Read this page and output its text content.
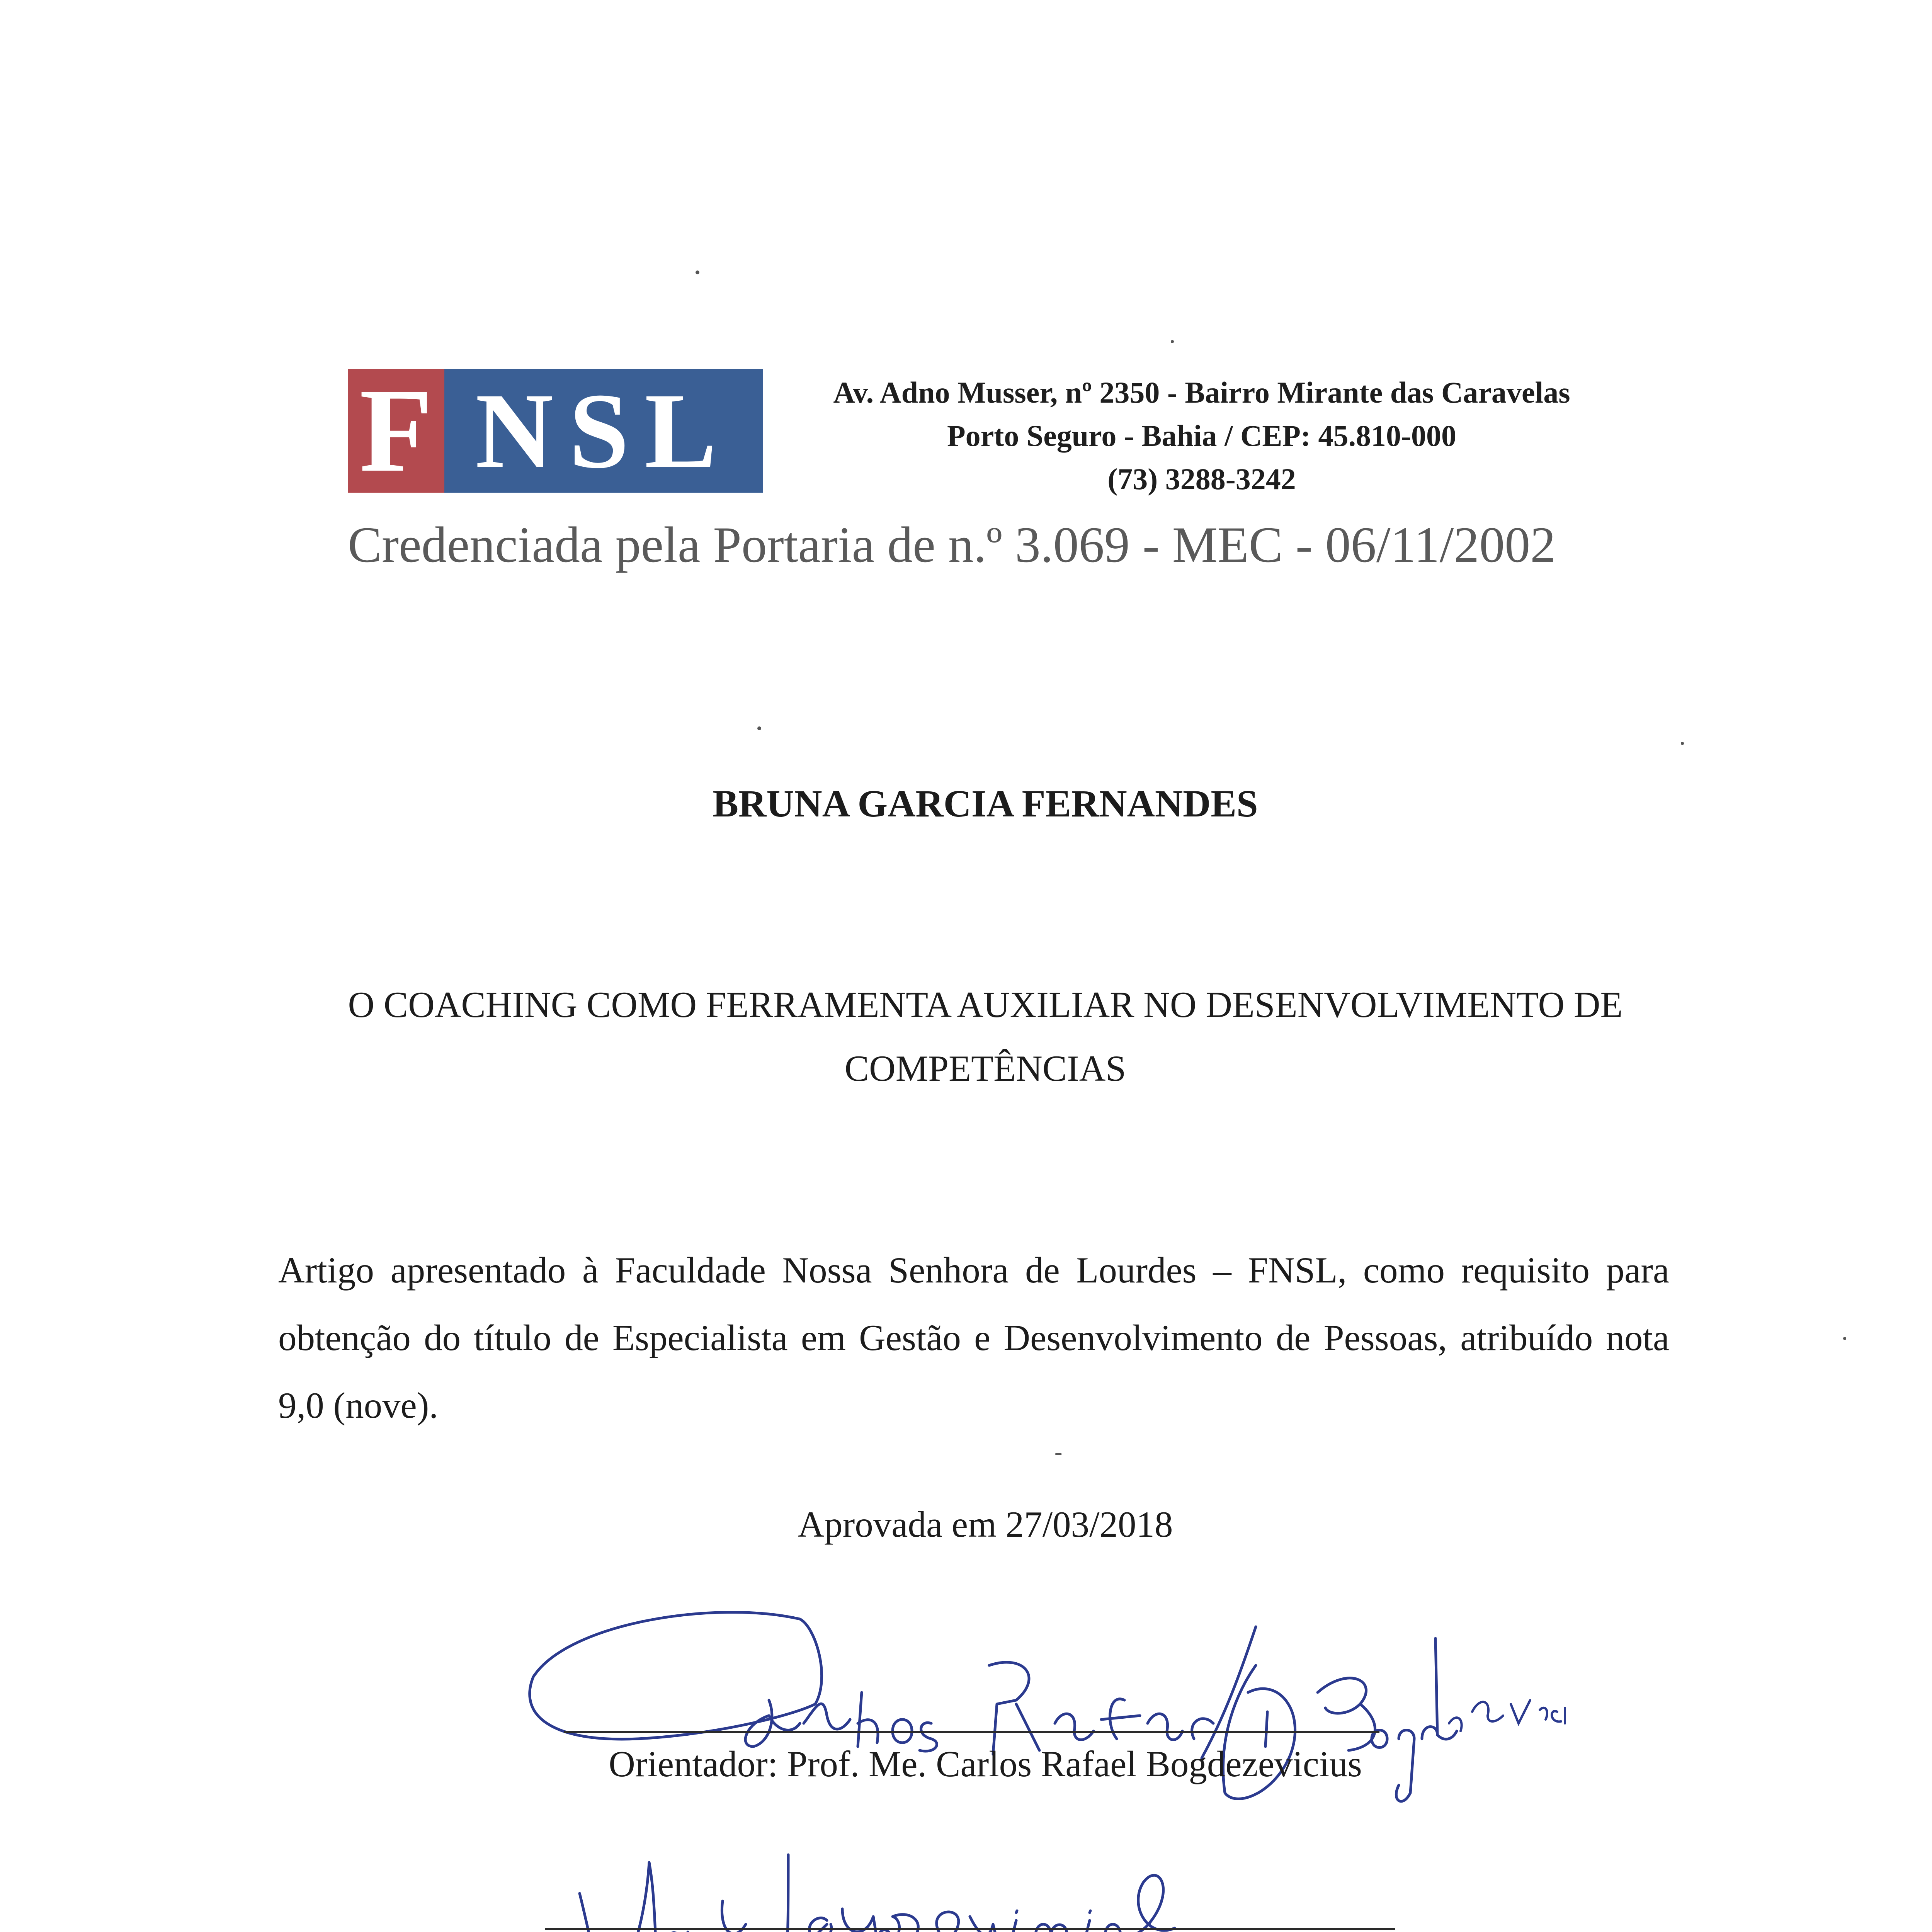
F NSL	Av. Adno Musser, nº 2350 - Bairro Mirante das Caravelas
Porto Seguro - Bahia / CEP: 45.810-000
(73) 3288-3242
Credenciada pela Portaria de n.º 3.069 - MEC - 06/11/2002
BRUNA GARCIA FERNANDES
O COACHING COMO FERRAMENTA AUXILIAR NO DESENVOLVIMENTO DE
COMPETÊNCIAS
Artigo apresentado à Faculdade Nossa Senhora de Lourdes – FNSL, como requisito para obtenção do título de Especialista em Gestão e Desenvolvimento de Pessoas, atribuído nota 9,0 (nove).
Aprovada em 27/03/2018
Orientador: Prof. Me. Carlos Rafael Bogdezevicius
